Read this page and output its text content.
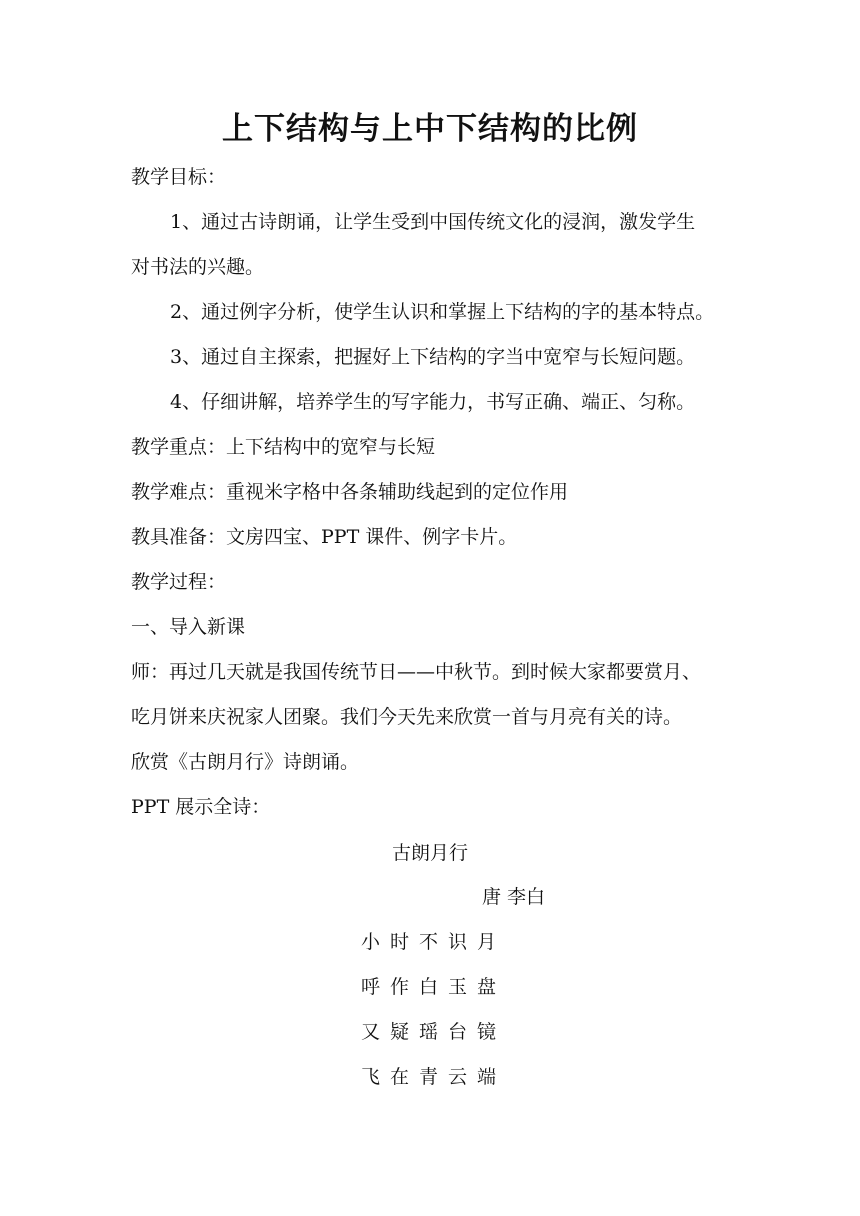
上下结构与上中下结构的比例
教学目标：
1、通过古诗朗诵，让学生受到中国传统文化的浸润，激发学生
对书法的兴趣。
2、通过例字分析，使学生认识和掌握上下结构的字的基本特点。
3、通过自主探索，把握好上下结构的字当中宽窄与长短问题。
4、仔细讲解，培养学生的写字能力，书写正确、端正、匀称。
教学重点：上下结构中的宽窄与长短
教学难点：重视米字格中各条辅助线起到的定位作用
教具准备：文房四宝、PPT 课件、例字卡片。
教学过程：
一、导入新课
师：再过几天就是我国传统节日——中秋节。到时候大家都要赏月、
吃月饼来庆祝家人团聚。我们今天先来欣赏一首与月亮有关的诗。
欣赏《古朗月行》诗朗诵。
PPT 展示全诗：
古朗月行
唐 李白
小时不识月
呼作白玉盘
又疑瑶台镜
飞在青云端
